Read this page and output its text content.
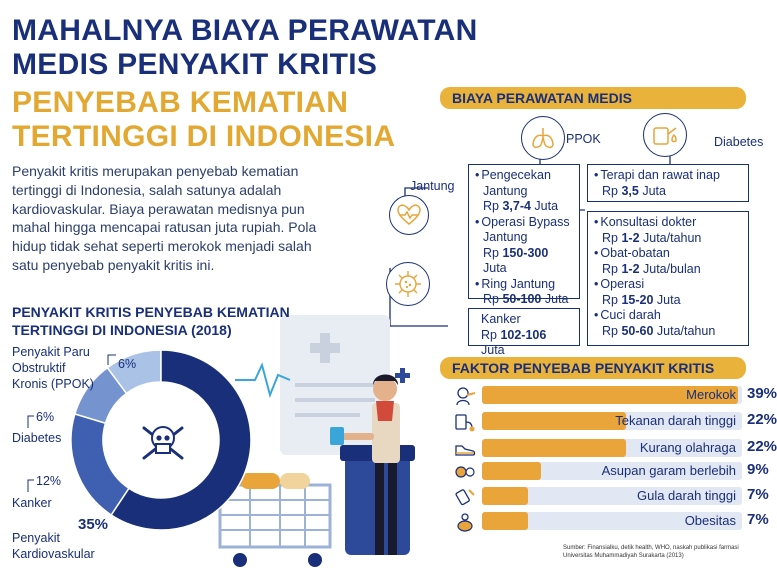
MAHALNYA BIAYA PERAWATAN
MEDIS PENYAKIT KRITIS
PENYEBAB KEMATIAN
TERTINGGI DI INDONESIA
Penyakit kritis merupakan penyebab kematian tertinggi di Indonesia, salah satunya adalah kardiovaskular. Biaya perawatan medisnya pun mahal hingga mencapai ratusan juta rupiah. Pola hidup tidak sehat seperti merokok menjadi salah satu penyebab penyakit kritis ini.
BIAYA PERAWATAN MEDIS
PPOK	Diabetes
Jantung
• Pengecekan
Jantung
Rp 3,7-4 Juta
• Operasi Bypass
Jantung
Rp 150-300 Juta
• Ring Jantung
Rp 50-100 Juta
Kanker
Rp 102-106 Juta
• Terapi dan rawat inap
Rp 3,5 Juta
• Konsultasi dokter
Rp 1-2 Juta/tahun
• Obat-obatan
Rp 1-2 Juta/bulan
• Operasi
Rp 15-20 Juta
• Cuci darah
Rp 50-60 Juta/tahun
PENYAKIT KRITIS PENYEBAB KEMATIAN
TERTINGGI DI INDONESIA (2018)
Penyakit Paru
Obstruktif
Kronis (PPOK)
Diabetes
Kanker
Penyakit
Kardiovaskular
6%
6%
12%
35%
FAKTOR PENYEBAB PENYAKIT KRITIS
Merokok 39%
Tekanan darah tinggi 22%
Kurang olahraga 22%
Asupan garam berlebih 9%
Gula darah tinggi 7%
Obesitas 7%
Sumber: Finansialku, detik health, WHO, naskah publikasi farmasi Universitas Muhammadiyah Surakarta (2013)
